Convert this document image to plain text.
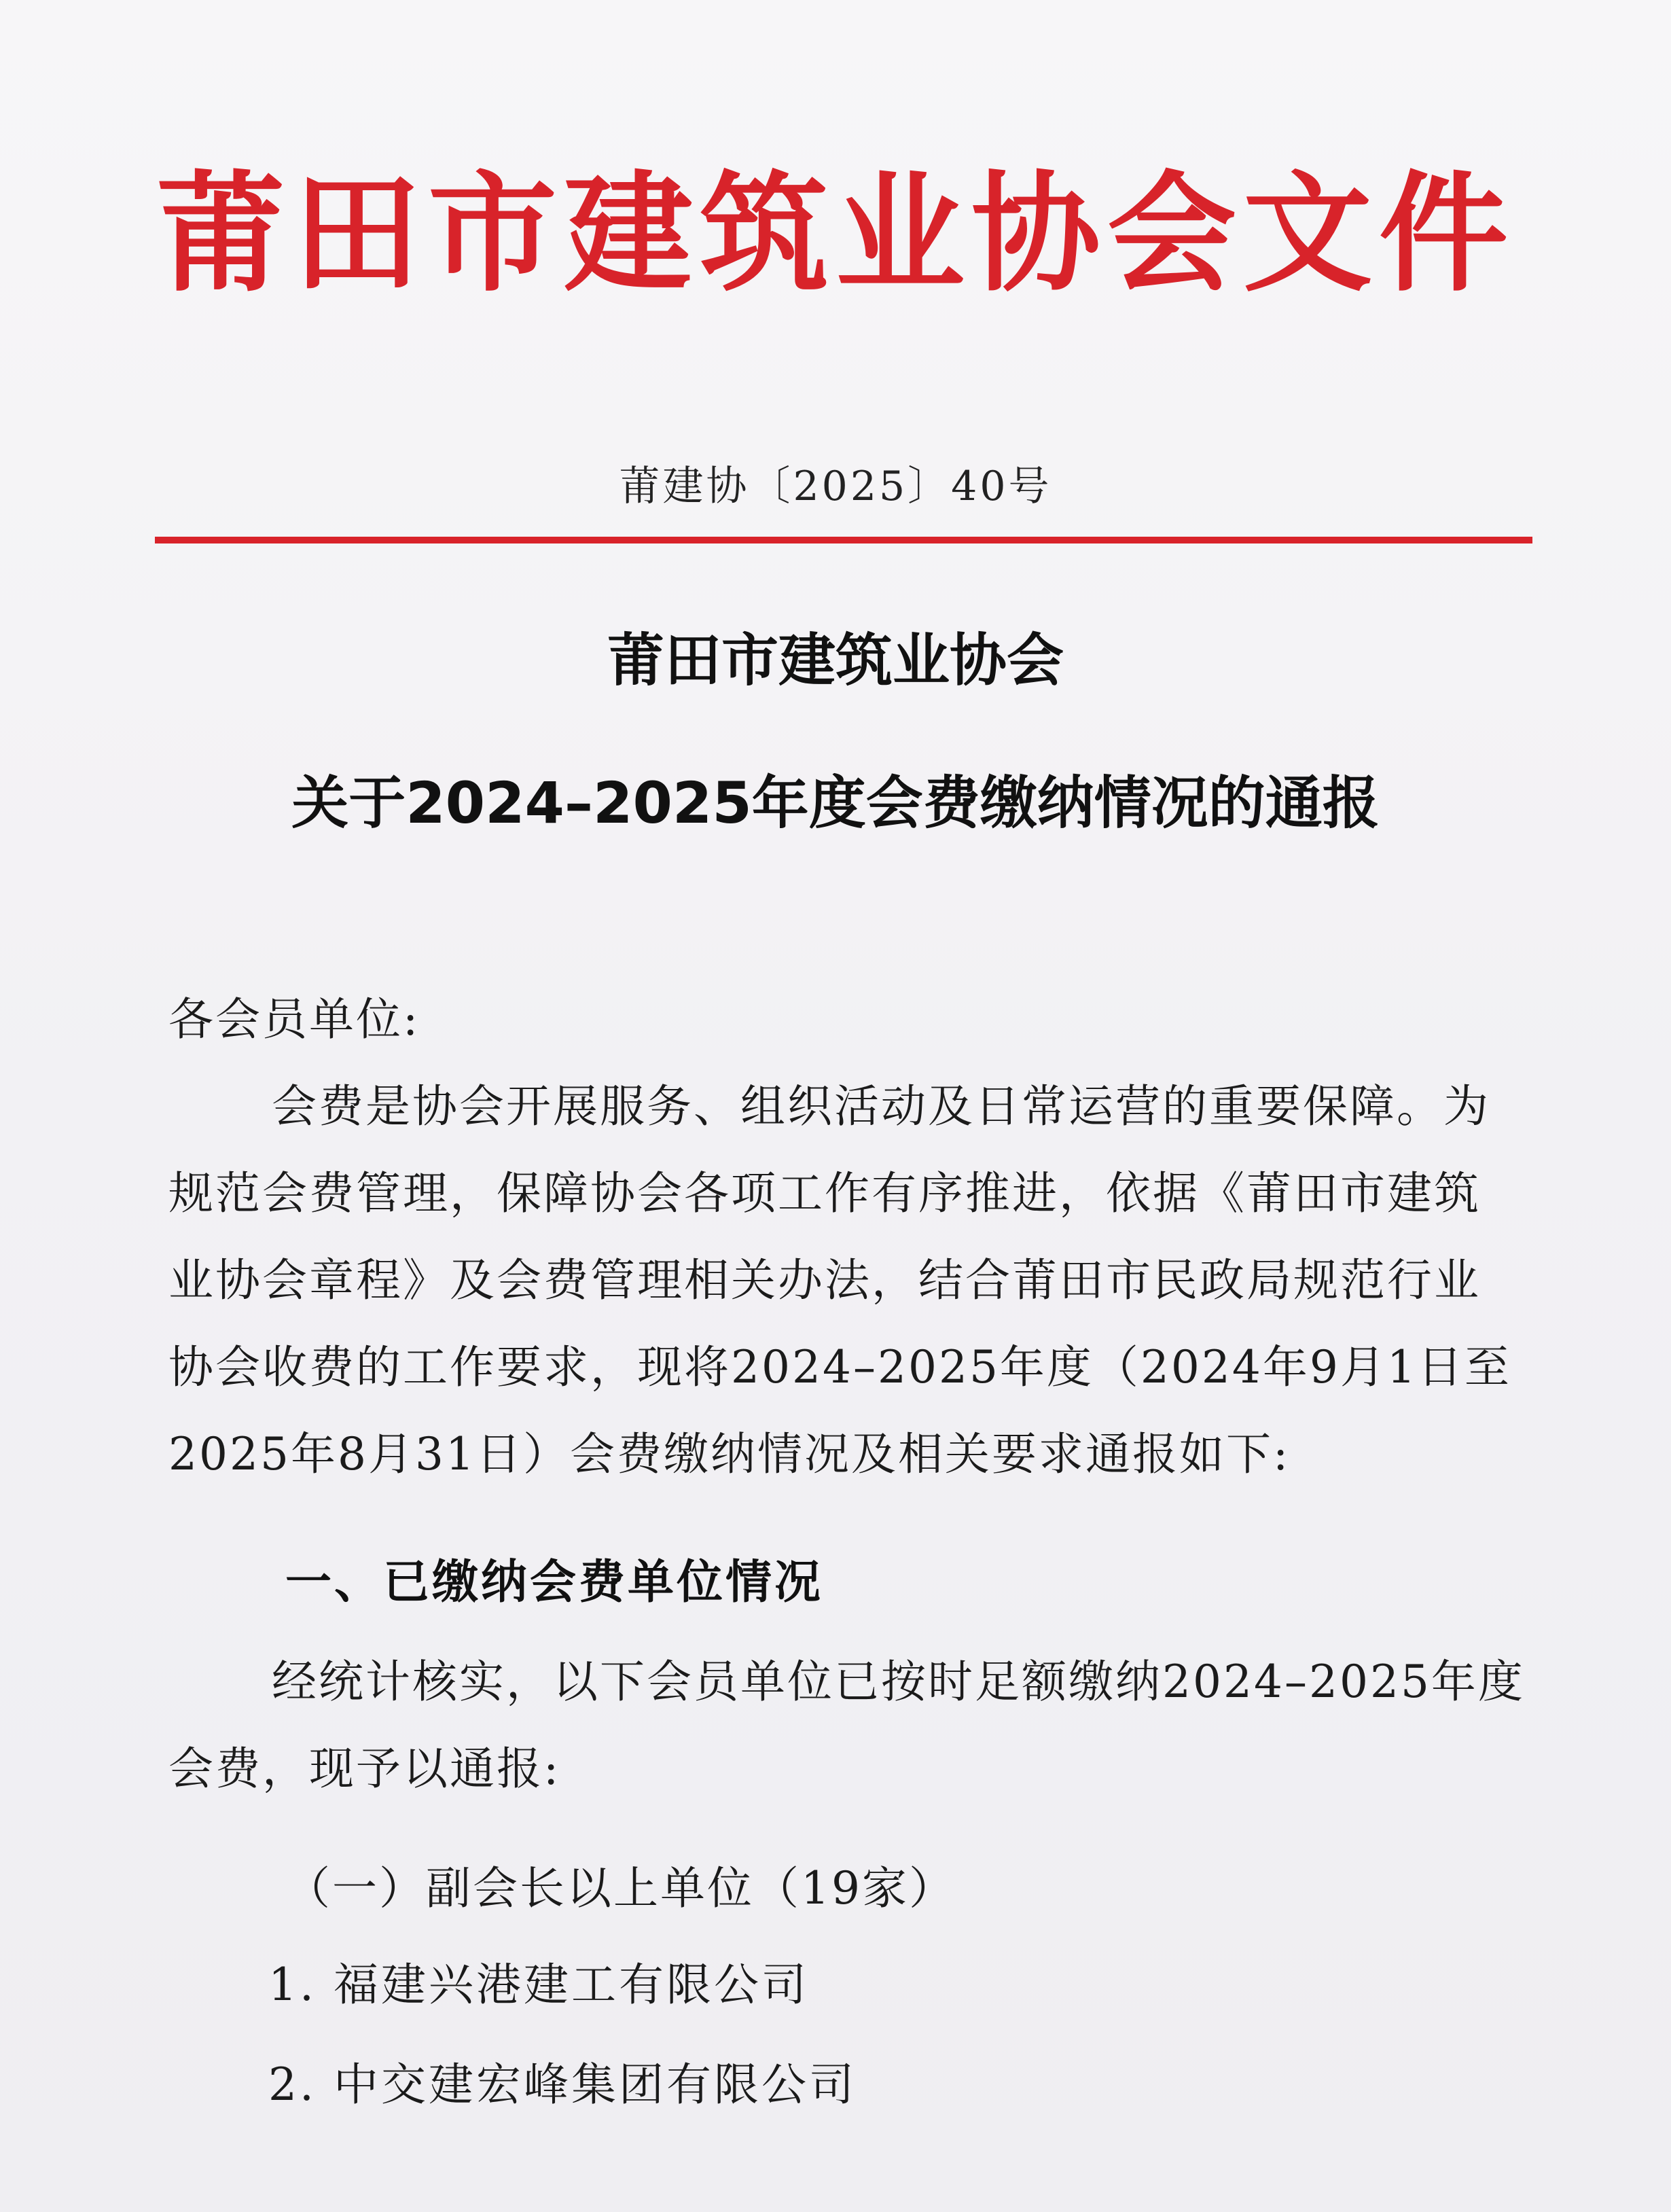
莆田市建筑业协会文件
莆建协〔2025〕40号
莆田市建筑业协会
关于2024–2025年度会费缴纳情况的通报
各会员单位:
会费是协会开展服务、组织活动及日常运营的重要保障。为
规范会费管理，保障协会各项工作有序推进，依据《莆田市建筑
业协会章程》及会费管理相关办法，结合莆田市民政局规范行业
协会收费的工作要求，现将2024–2025年度（2024年9月1日至
2025年8月31日）会费缴纳情况及相关要求通报如下:
一、已缴纳会费单位情况
经统计核实，以下会员单位已按时足额缴纳2024–2025年度
会费，现予以通报:
（一）副会长以上单位（19家）
1. 福建兴港建工有限公司
2. 中交建宏峰集团有限公司
